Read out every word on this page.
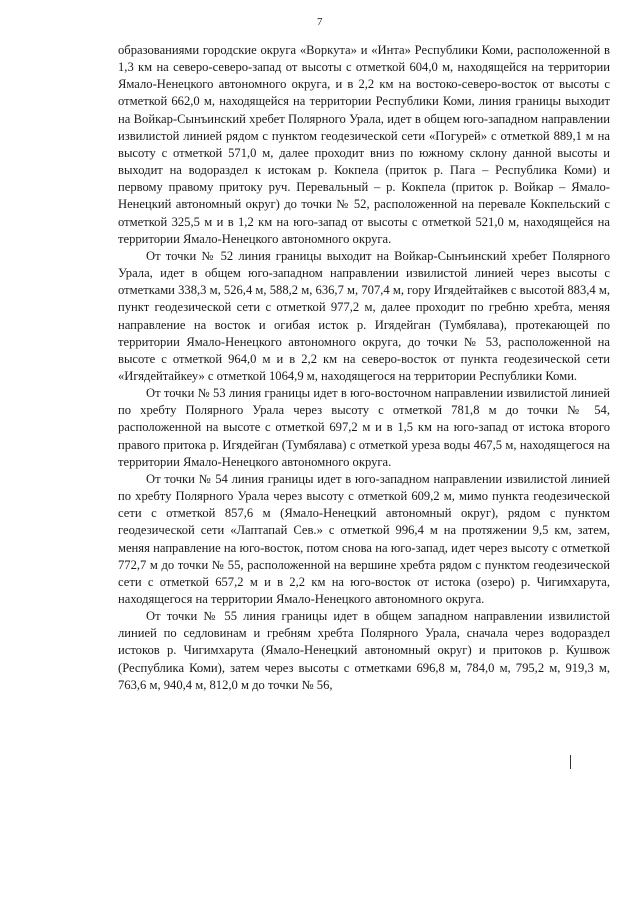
7

образованиями городские округа «Воркута» и «Инта» Республики Коми, расположенной в 1,3 км на северо-северо-запад от высоты с отметкой 604,0 м, находящейся на территории Ямало-Ненецкого автономного округа, и в 2,2 км на востоко-северо-восток от высоты с отметкой 662,0 м, находящейся на территории Республики Коми, линия границы выходит на Войкар-Сынъинский хребет Полярного Урала, идет в общем юго-западном направлении извилистой линией рядом с пунктом геодезической сети «Погурей» с отметкой 889,1 м на высоту с отметкой 571,0 м, далее проходит вниз по южному склону данной высоты и выходит на водораздел к истокам р. Кокпела (приток р. Пага – Республика Коми) и первому правому притоку руч. Перевальный – р. Кокпела (приток р. Войкар – Ямало-Ненецкий автономный округ) до точки № 52, расположенной на перевале Кокпельский с отметкой 325,5 м и в 1,2 км на юго-запад от высоты с отметкой 521,0 м, находящейся на территории Ямало-Ненецкого автономного округа.

От точки № 52 линия границы выходит на Войкар-Сынъинский хребет Полярного Урала, идет в общем юго-западном направлении извилистой линией через высоты с отметками 338,3 м, 526,4 м, 588,2 м, 636,7 м, 707,4 м, гору Игядейтайкев с высотой 883,4 м, пункт геодезической сети с отметкой 977,2 м, далее проходит по гребню хребта, меняя направление на восток и огибая исток р. Игядейган (Тумбялава), протекающей по территории Ямало-Ненецкого автономного округа, до точки № 53, расположенной на высоте с отметкой 964,0 м и в 2,2 км на северо-восток от пункта геодезической сети «Игядейтайкеу» с отметкой 1064,9 м, находящегося на территории Республики Коми.

От точки № 53 линия границы идет в юго-восточном направлении извилистой линией по хребту Полярного Урала через высоту с отметкой 781,8 м до точки № 54, расположенной на высоте с отметкой 697,2 м и в 1,5 км на юго-запад от истока второго правого притока р. Игядейган (Тумбялава) с отметкой уреза воды 467,5 м, находящегося на территории Ямало-Ненецкого автономного округа.

От точки № 54 линия границы идет в юго-западном направлении извилистой линией по хребту Полярного Урала через высоту с отметкой 609,2 м, мимо пункта геодезической сети с отметкой 857,6 м (Ямало-Ненецкий автономный округ), рядом с пунктом геодезической сети «Лаптапай Сев.» с отметкой 996,4 м на протяжении 9,5 км, затем, меняя направление на юго-восток, потом снова на юго-запад, идет через высоту с отметкой 772,7 м до точки № 55, расположенной на вершине хребта рядом с пунктом геодезической сети с отметкой 657,2 м и в 2,2 км на юго-восток от истока (озеро) р. Чигимхарута, находящегося на территории Ямало-Ненецкого автономного округа.

От точки № 55 линия границы идет в общем западном направлении извилистой линией по седловинам и гребням хребта Полярного Урала, сначала через водораздел истоков р. Чигимхарута (Ямало-Ненецкий автономный округ) и притоков р. Кушвож (Республика Коми), затем через высоты с отметками 696,8 м, 784,0 м, 795,2 м, 919,3 м, 763,6 м, 940,4 м, 812,0 м до точки № 56,
